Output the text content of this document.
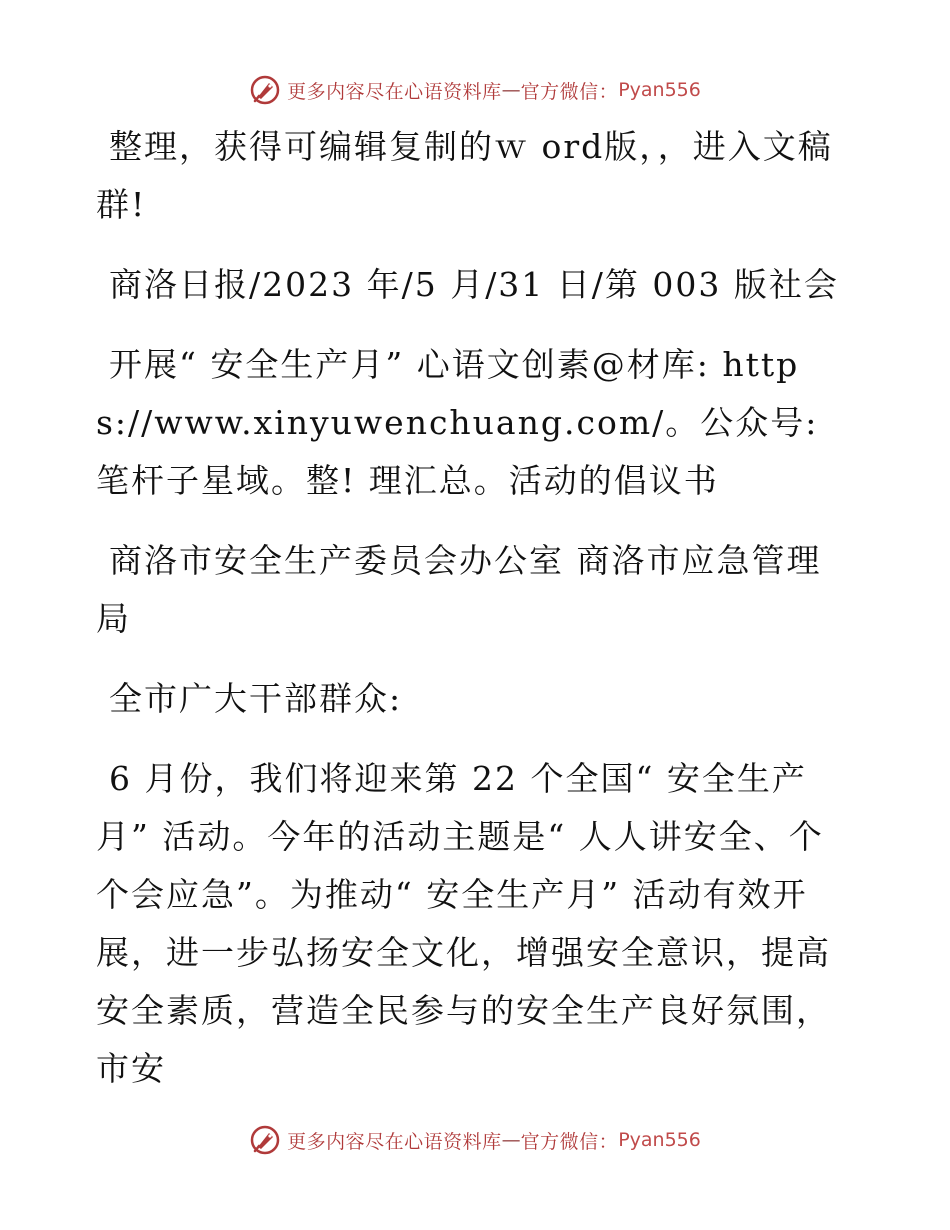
更多内容尽在心语资料库 — 官方微信： Pyan556

整理，获得可编辑复制的ｗ ord版，，进入文稿群!

商洛日报/2023 年/5 月/31 日/第 003 版社会

开展“ 安全生产月” 心语文创素@材库: https://www.xinyuwenchuang.com/。公众号: 笔杆子星域。整! 理汇总。活动的倡议书

商洛市安全生产委员会办公室 商洛市应急管理局

全市广大干部群众:

6 月份，我们将迎来第 22 个全国“ 安全生产月” 活动。今年的活动主题是“ 人人讲安全、个个会应急”。为推动“ 安全生产月” 活动有效开展，进一步弘扬安全文化，增强安全意识，提高安全素质，营造全民参与的安全生产良好氛围，市安

更多内容尽在心语资料库 — 官方微信： Pyan556
